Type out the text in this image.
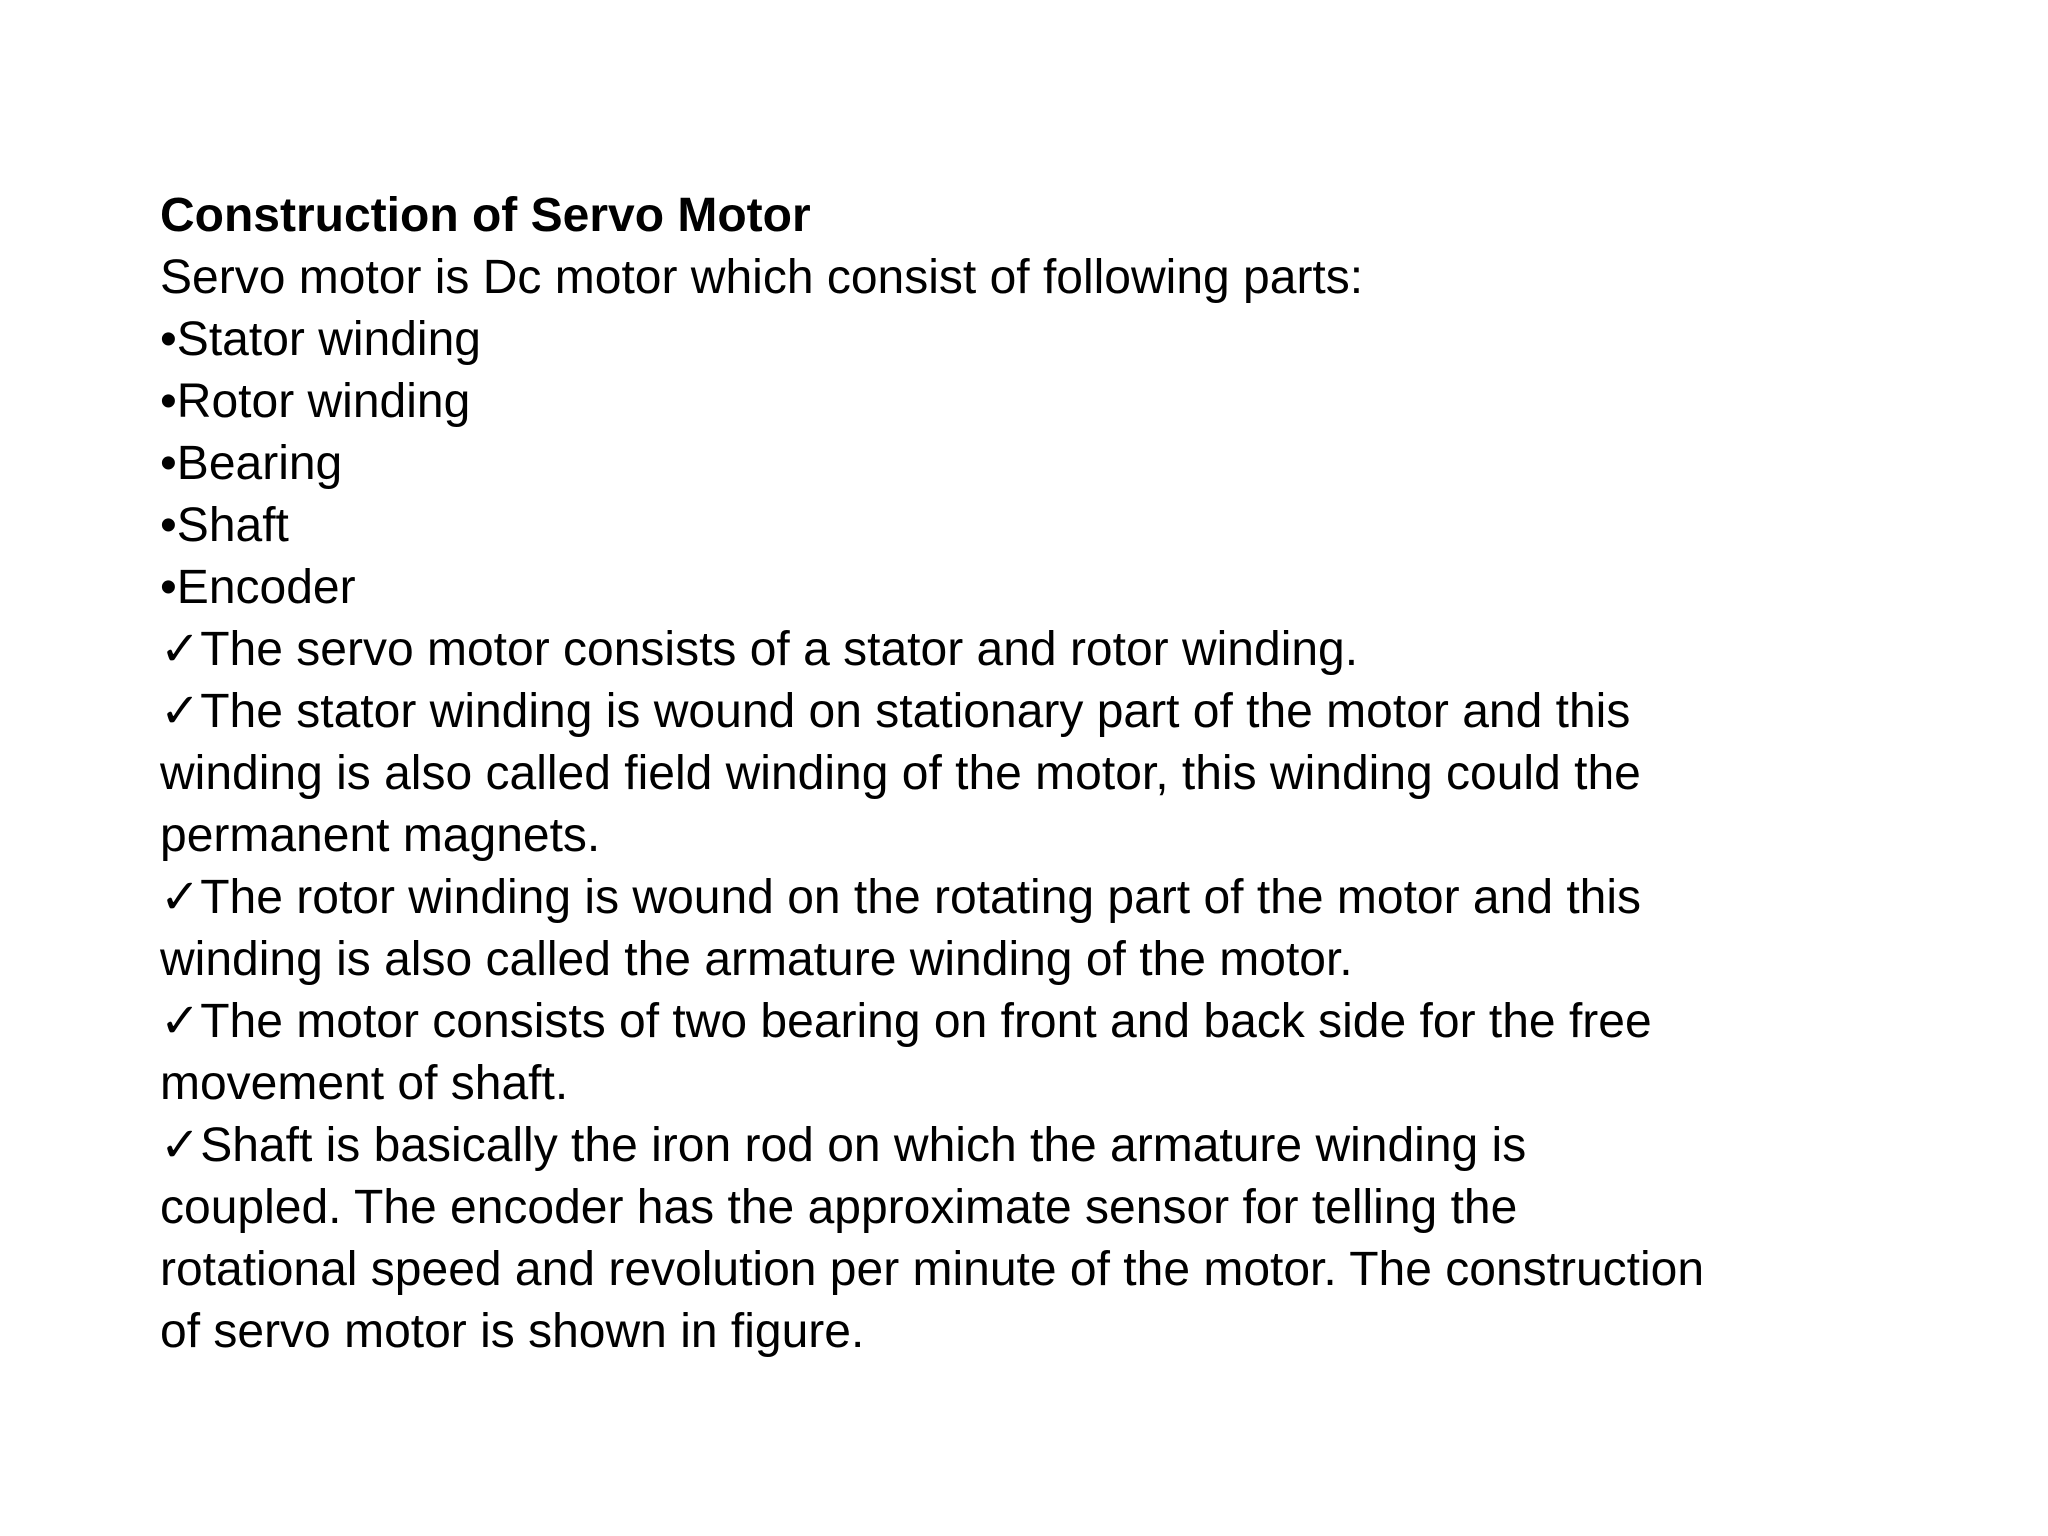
Construction of Servo Motor
Servo motor is Dc motor which consist of following parts:
•Stator winding
•Rotor winding
•Bearing
•Shaft
•Encoder
✓The servo motor consists of a stator and rotor winding.
✓The stator winding is wound on stationary part of the motor and this
winding is also called field winding of the motor, this winding could the
permanent magnets.
✓The rotor winding is wound on the rotating part of the motor and this
winding is also called the armature winding of the motor.
✓The motor consists of two bearing on front and back side for the free
movement of shaft.
✓Shaft is basically the iron rod on which the armature winding is
coupled. The encoder has the approximate sensor for telling the
rotational speed and revolution per minute of the motor. The construction
of servo motor is shown in figure.
